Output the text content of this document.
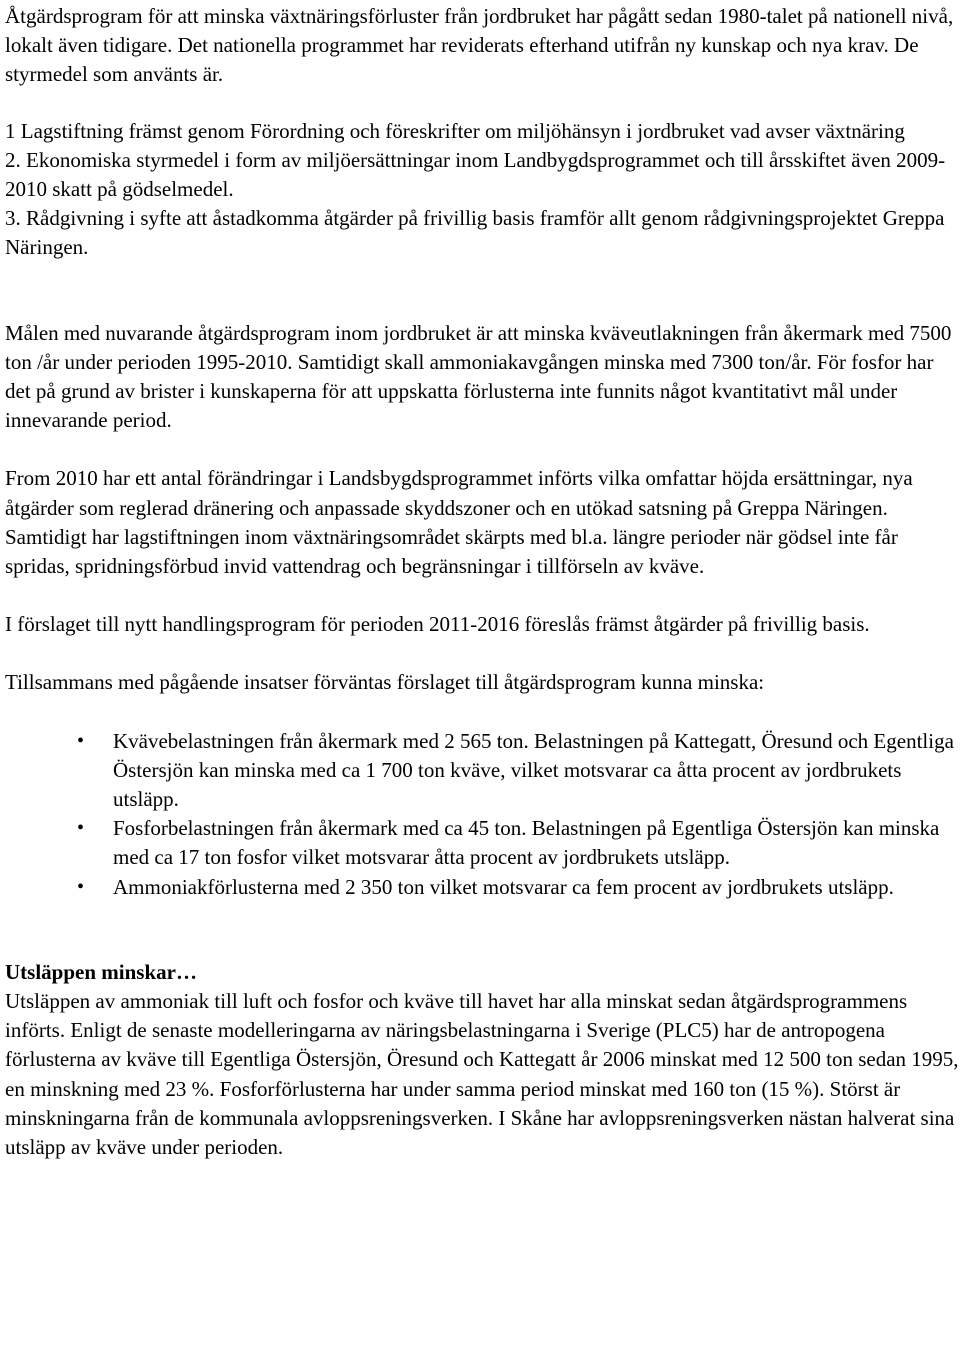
Åtgärdsprogram för att minska växtnäringsförluster från jordbruket har pågått sedan 1980-talet på nationell nivå, lokalt även tidigare. Det nationella programmet har reviderats efterhand utifrån ny kunskap och nya krav. De styrmedel som använts är.

1 Lagstiftning främst genom Förordning och föreskrifter om miljöhänsyn i jordbruket vad avser växtnäring

2. Ekonomiska styrmedel i form av miljöersättningar inom Landbygdsprogrammet och till årsskiftet även 2009-2010 skatt på gödselmedel.

3. Rådgivning i syfte att åstadkomma åtgärder på frivillig basis framför allt genom rådgivningsprojektet Greppa Näringen.

Målen med nuvarande åtgärdsprogram inom jordbruket är att minska kväveutlakningen från åkermark med 7500 ton /år under perioden 1995-2010. Samtidigt skall ammoniakavgången minska med 7300 ton/år. För fosfor har det på grund av brister i kunskaperna för att uppskatta förlusterna inte funnits något kvantitativt mål under innevarande period.

From 2010 har ett antal förändringar i Landsbygdsprogrammet införts vilka omfattar höjda ersättningar, nya åtgärder som reglerad dränering och anpassade skyddszoner och en utökad satsning på Greppa Näringen. Samtidigt har lagstiftningen inom växtnäringsområdet skärpts med bl.a. längre perioder när gödsel inte får spridas, spridningsförbud invid vattendrag och begränsningar i tillförseln av kväve.

I förslaget till nytt handlingsprogram för perioden 2011-2016 föreslås främst åtgärder på frivillig basis.

Tillsammans med pågående insatser förväntas förslaget till åtgärdsprogram kunna minska:

• Kvävebelastningen från åkermark med 2 565 ton. Belastningen på Kattegatt, Öresund och Egentliga Östersjön kan minska med ca 1 700 ton kväve, vilket motsvarar ca åtta procent av jordbrukets utsläpp.
• Fosforbelastningen från åkermark med ca 45 ton. Belastningen på Egentliga Östersjön kan minska med ca 17 ton fosfor vilket motsvarar åtta procent av jordbrukets utsläpp.
• Ammoniakförlusterna med 2 350 ton vilket motsvarar ca fem procent av jordbrukets utsläpp.

Utsläppen minskar…

Utsläppen av ammoniak till luft och fosfor och kväve till havet har alla minskat sedan åtgärdsprogrammens införts. Enligt de senaste modelleringarna av näringsbelastningarna i Sverige (PLC5) har de antropogena förlusterna av kväve till Egentliga Östersjön, Öresund och Kattegatt år 2006 minskat med 12 500 ton sedan 1995, en minskning med 23 %. Fosforförlusterna har under samma period minskat med 160 ton (15 %). Störst är minskningarna från de kommunala avloppsreningsverken. I Skåne har avloppsreningsverken nästan halverat sina utsläpp av kväve under perioden.
